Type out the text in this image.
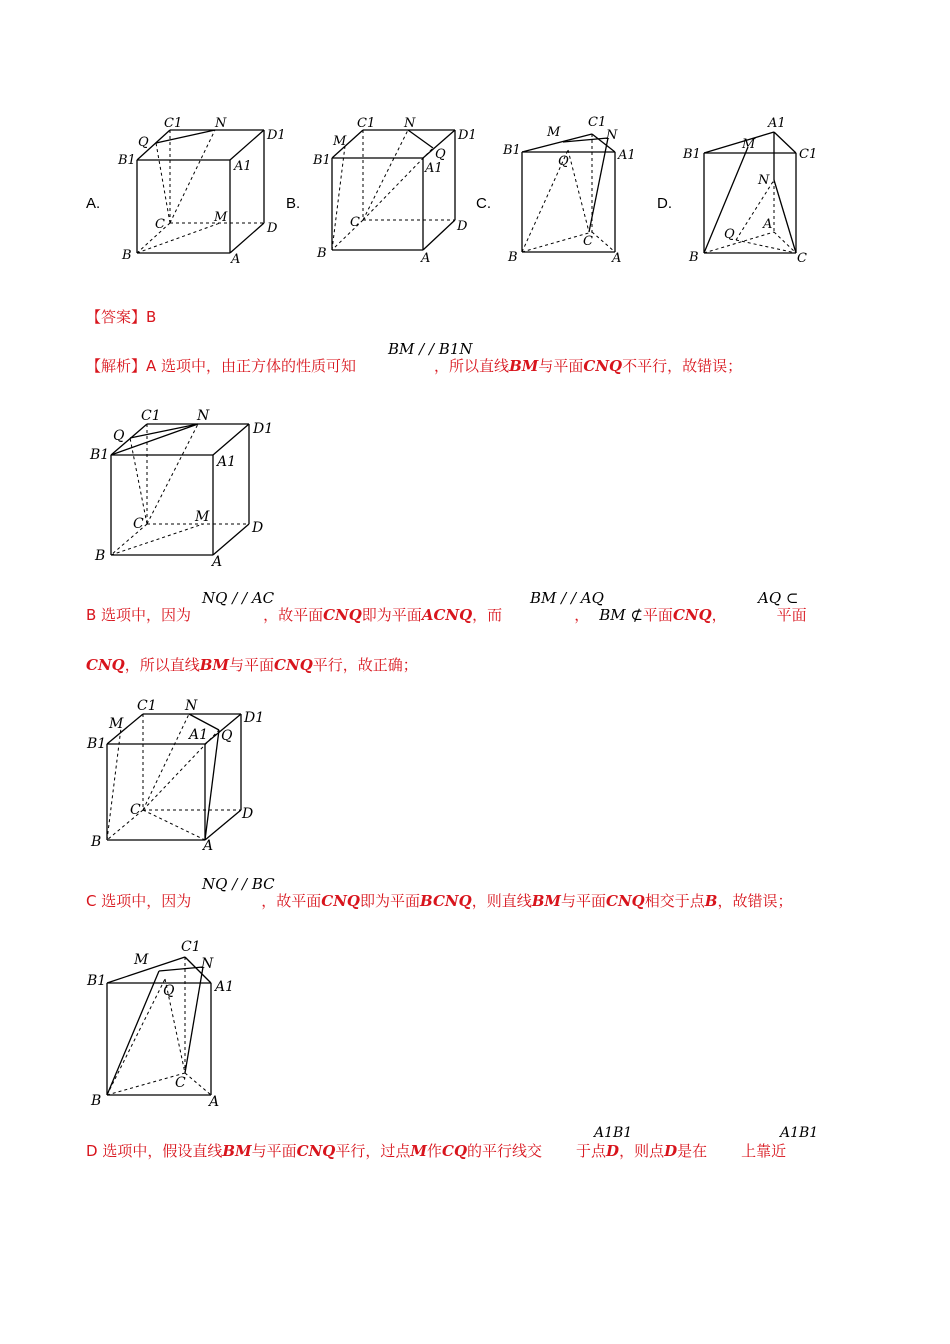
A.	B.	C.	D.
C1	N
Q	D1
B1	A1
C	M
D
B	A
C1 N
M	D1
B1	Q
A1
C	D
B	A
C1
M	N
B1
Q	A1
C
B	A
A1
B1
M
C1
N
A
Q
B	C
【答案】B
BM / / B1N
【解析】A 选项中，由正方体的性质可知	，所以直线BM与平面CNQ不平行，故错误；
C1	N
Q	D1
B1	A1
C	M
D
B	A
NQ / / AC	BM / / AQ	AQ ⊂
B 选项中，因为	，故平面CNQ即为平面ACNQ，而	， BM ⊄平面CNQ，	平面
CNQ，所以直线BM与平面CNQ平行，故正确；
C1 N
M	D1
B1
A1 Q
C	D
B	A
NQ / / BC
C 选项中，因为	，故平面CNQ即为平面BCNQ，则直线BM与平面CNQ相交于点B，故错误；
C1
M	N
B1
Q	A1
C
B	A
A1B1	A1B1
D 选项中，假设直线BM与平面CNQ平行，过点M作CQ的平行线交 于点D，则点D是在 上靠近
